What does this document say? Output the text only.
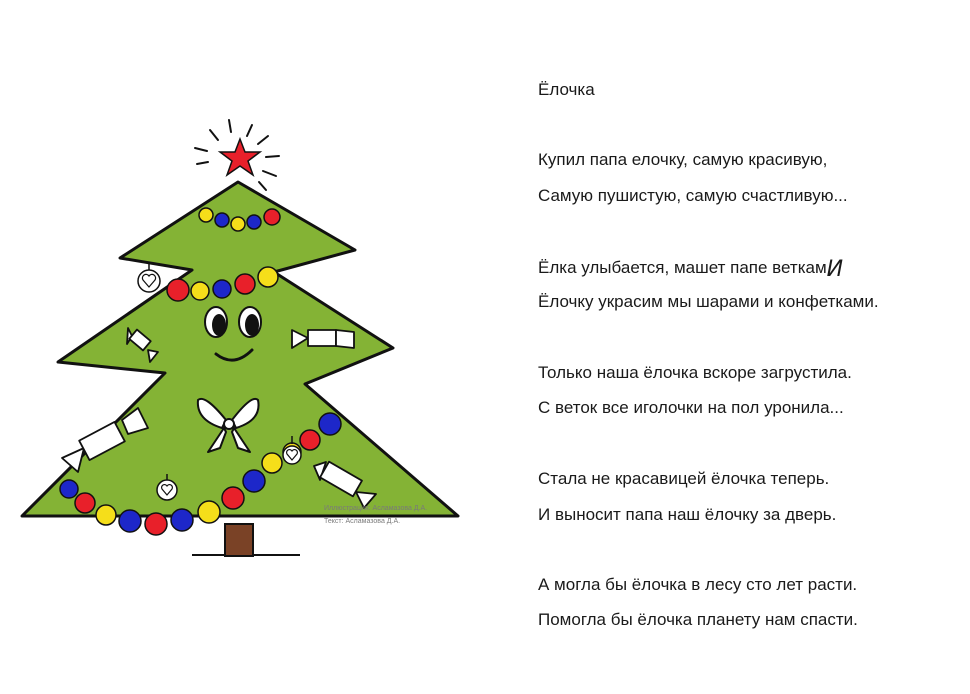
Иллюстрация: Асламазова Д.А.
Текст: Асламазова Д.А.
Ёлочка
Купил папа елочку, самую красивую,
Самую пушистую, самую счастливую...
Ёлка улыбается, машет папе веткамИ
Ёлочку украсим мы шарами и конфетками.
Только наша ёлочка вскоре загрустила.
С веток все иголочки на пол уронила...
Стала не красавицей ёлочка теперь.
И выносит папа наш ёлочку за дверь.
А могла бы ёлочка в лесу сто лет расти.
Помогла бы ёлочка планету нам спасти.
